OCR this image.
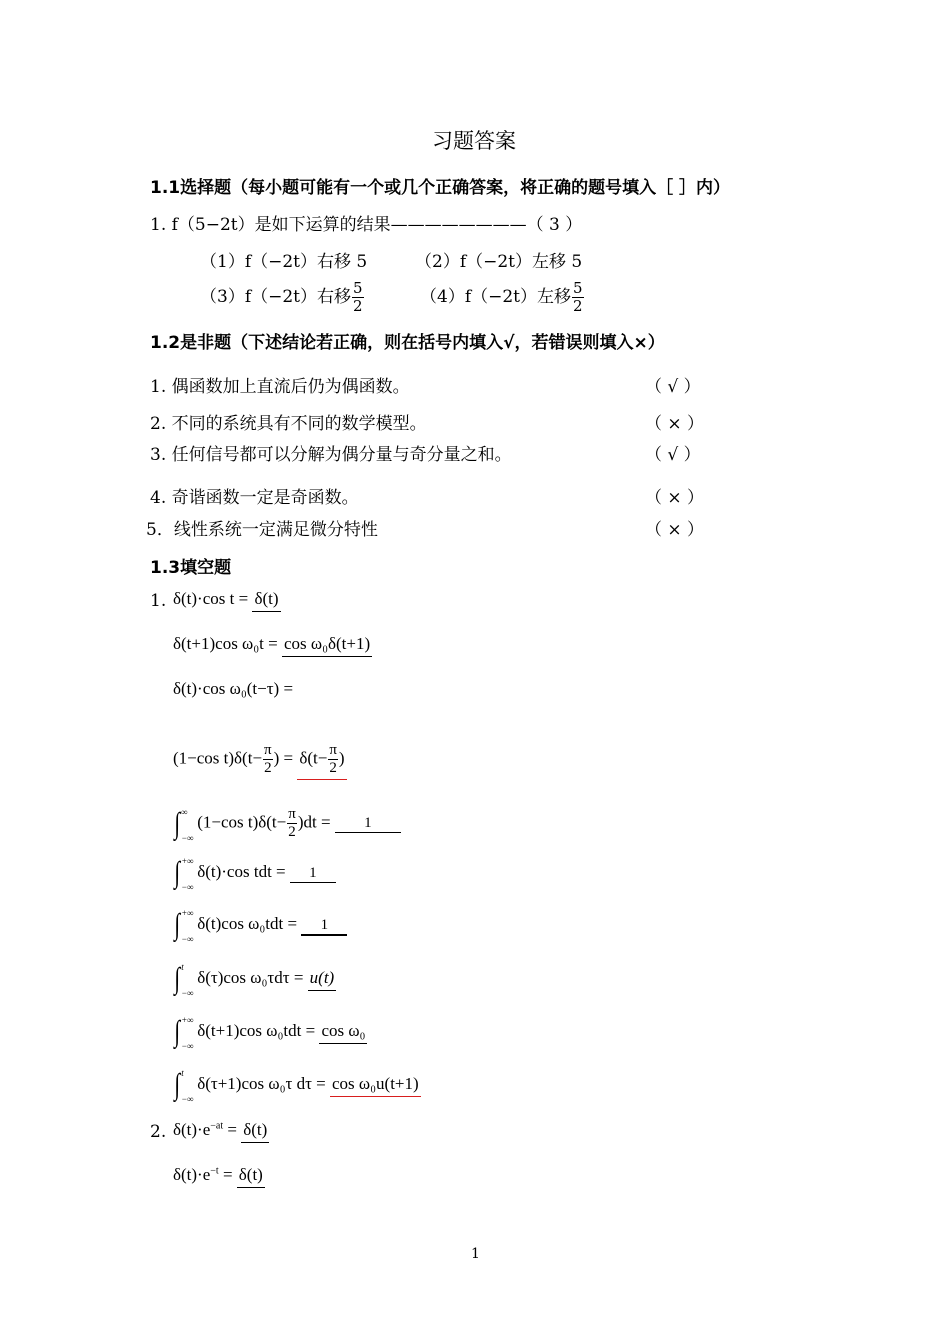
习题答案
1.1选择题（每小题可能有一个或几个正确答案，将正确的题号填入［ ］内）
1. f（5−2t）是如下运算的结果————————（ 3 ）
（1）f（−2t）右移 5	（2）f（−2t）左移 5
（3）f（−2t）右移 $\frac{5}{2}$	（4）f（−2t）左移 $\frac{5}{2}$
1.2是非题（下述结论若正确，则在括号内填入√，若错误则填入×）
1. 偶函数加上直流后仍为偶函数。	（ √ ）
2. 不同的系统具有不同的数学模型。	（ × ）
3. 任何信号都可以分解为偶分量与奇分量之和。	（ √ ）
4. 奇谐函数一定是奇函数。	（ × ）
5．线性系统一定满足微分特性	（ × ）
1.3填空题
1. δ(t)·cos t = δ(t)
δ(t+1)cos ω₀t = cos ω₀δ(t+1)
δ(t)·cos ω₀(t−τ) =
(1−cos $t)\delta(t- \frac{\pi}{2}$ ) = $\delta(t- \frac{\pi}{2}$ )
∫ ∞
−∞
(1−cos $t)\delta(t- \frac{\pi}{2} )dt = 1$
∫ +∞
−∞
δ(t)·cos tdt = 1
∫ +∞
−∞
δ(t)cos ω₀tdt = 1
∫ t
−∞
δ(τ)cos ω₀τdτ = u(t)
∫ +∞
−∞
δ(t+1)cos ω₀tdt = cos ω₀
∫ t
−∞
δ(τ+1)cos ω₀τ dτ = cos ω₀u(t+1)
2. $\delta(t)\cdot e^{-at} = \delta(t)$
$\delta(t)\cdot e^{-t} = \delta(t)$
1
